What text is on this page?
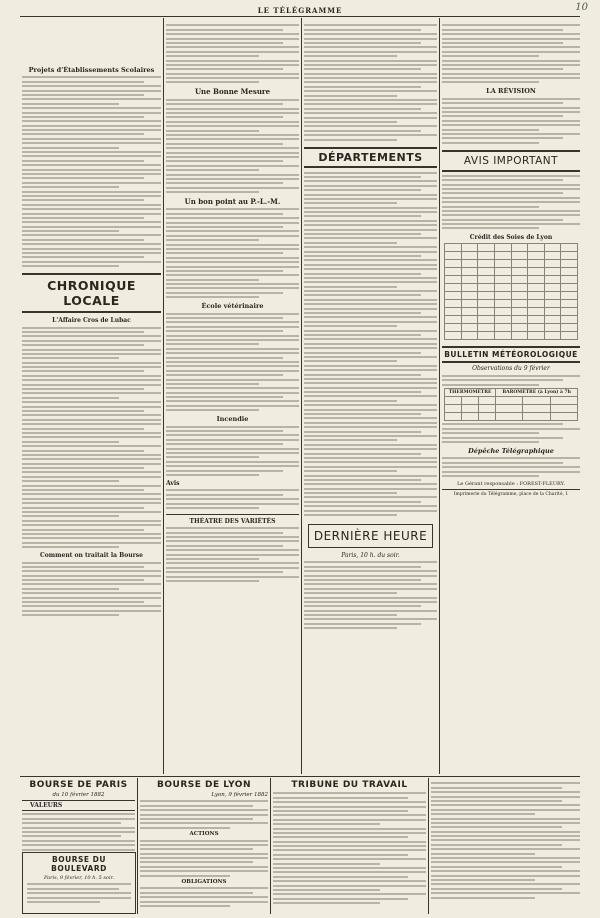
10
LE TÉLÉGRAMME
Projets d'Établissements Scolaires
CHRONIQUE LOCALE
L'Affaire Cros de Lubac
Comment on traitait la Bourse
Une Bonne Mesure
Un bon point au P.-L.-M.
École vétérinaire
Incendie
Avis
THÉATRE DES VARIÉTÉS
DÉPARTEMENTS
DERNIÈRE HEURE
Paris, 10 h. du soir.
LA RÉVISION
AVIS IMPORTANT
Crédit des Soies de Lyon

BULLETIN MÉTÉOROLOGIQUE
Observations du 9 février
THERMOMÈTRE			BAROMÈTRE (à Lyon) à 7h		

Dépêche Télégraphique
Le Gérant responsable : FOREST-FLEURY.
Imprimerie du Télégramme, place de la Charité, 1
BOURSE DE PARIS
du 10 février 1882
VALEURS
BOURSE DE LYON
Lyon, 9 février 1882
ACTIONS
OBLIGATIONS
TRIBUNE DU TRAVAIL
BOURSE DU BOULEVARD
Paris, 9 février, 10 h. 5 soir.
